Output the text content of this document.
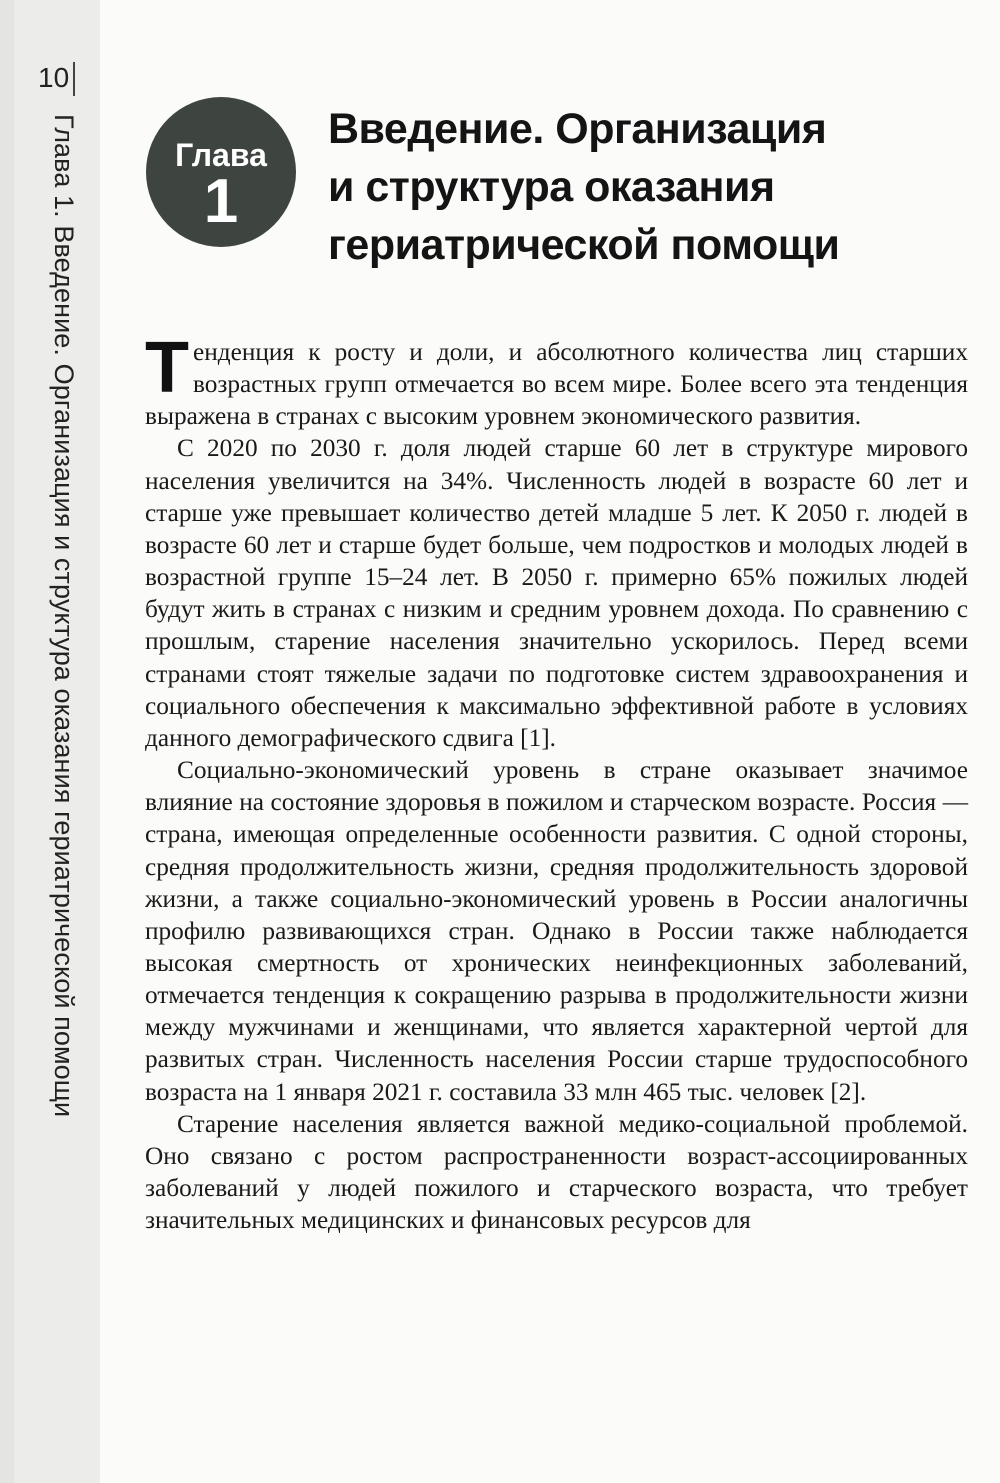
10
Глава 1. Введение. Организация и структура оказания гериатрической помощи	Глава
1
Введение. Организация
и структура оказания
гериатрической помощи

Тенденция к росту и доли, и абсолютного количества лиц старших возрастных групп отмечается во всем мире. Более всего эта тенденция выражена в странах с высоким уровнем экономического развития.

С 2020 по 2030 г. доля людей старше 60 лет в структуре мирового населения увеличится на 34%. Численность людей в возрасте 60 лет и старше уже превышает количество детей младше 5 лет. К 2050 г. людей в возрасте 60 лет и старше будет больше, чем подростков и молодых людей в возрастной группе 15–24 лет. В 2050 г. примерно 65% пожилых людей будут жить в странах с низким и средним уровнем дохода. По сравнению с прошлым, старение населения значительно ускорилось. Перед всеми странами стоят тяжелые задачи по подготовке систем здравоохранения и социального обеспечения к максимально эффективной работе в условиях данного демографического сдвига [1].

Социально-экономический уровень в стране оказывает значимое влияние на состояние здоровья в пожилом и старческом возрасте. Россия — страна, имеющая определенные особенности развития. С одной стороны, средняя продолжительность жизни, средняя продолжительность здоровой жизни, а также социально-экономический уровень в России аналогичны профилю развивающихся стран. Однако в России также наблюдается высокая смертность от хронических неинфекционных заболеваний, отмечается тенденция к сокращению разрыва в продолжительности жизни между мужчинами и женщинами, что является характерной чертой для развитых стран. Численность населения России старше трудоспособного возраста на 1 января 2021 г. составила 33 млн 465 тыс. человек [2].

Старение населения является важной медико-социальной проблемой. Оно связано с ростом распространенности возраст-ассоциированных заболеваний у людей пожилого и старческого возраста, что требует значительных медицинских и финансовых ресурсов для
